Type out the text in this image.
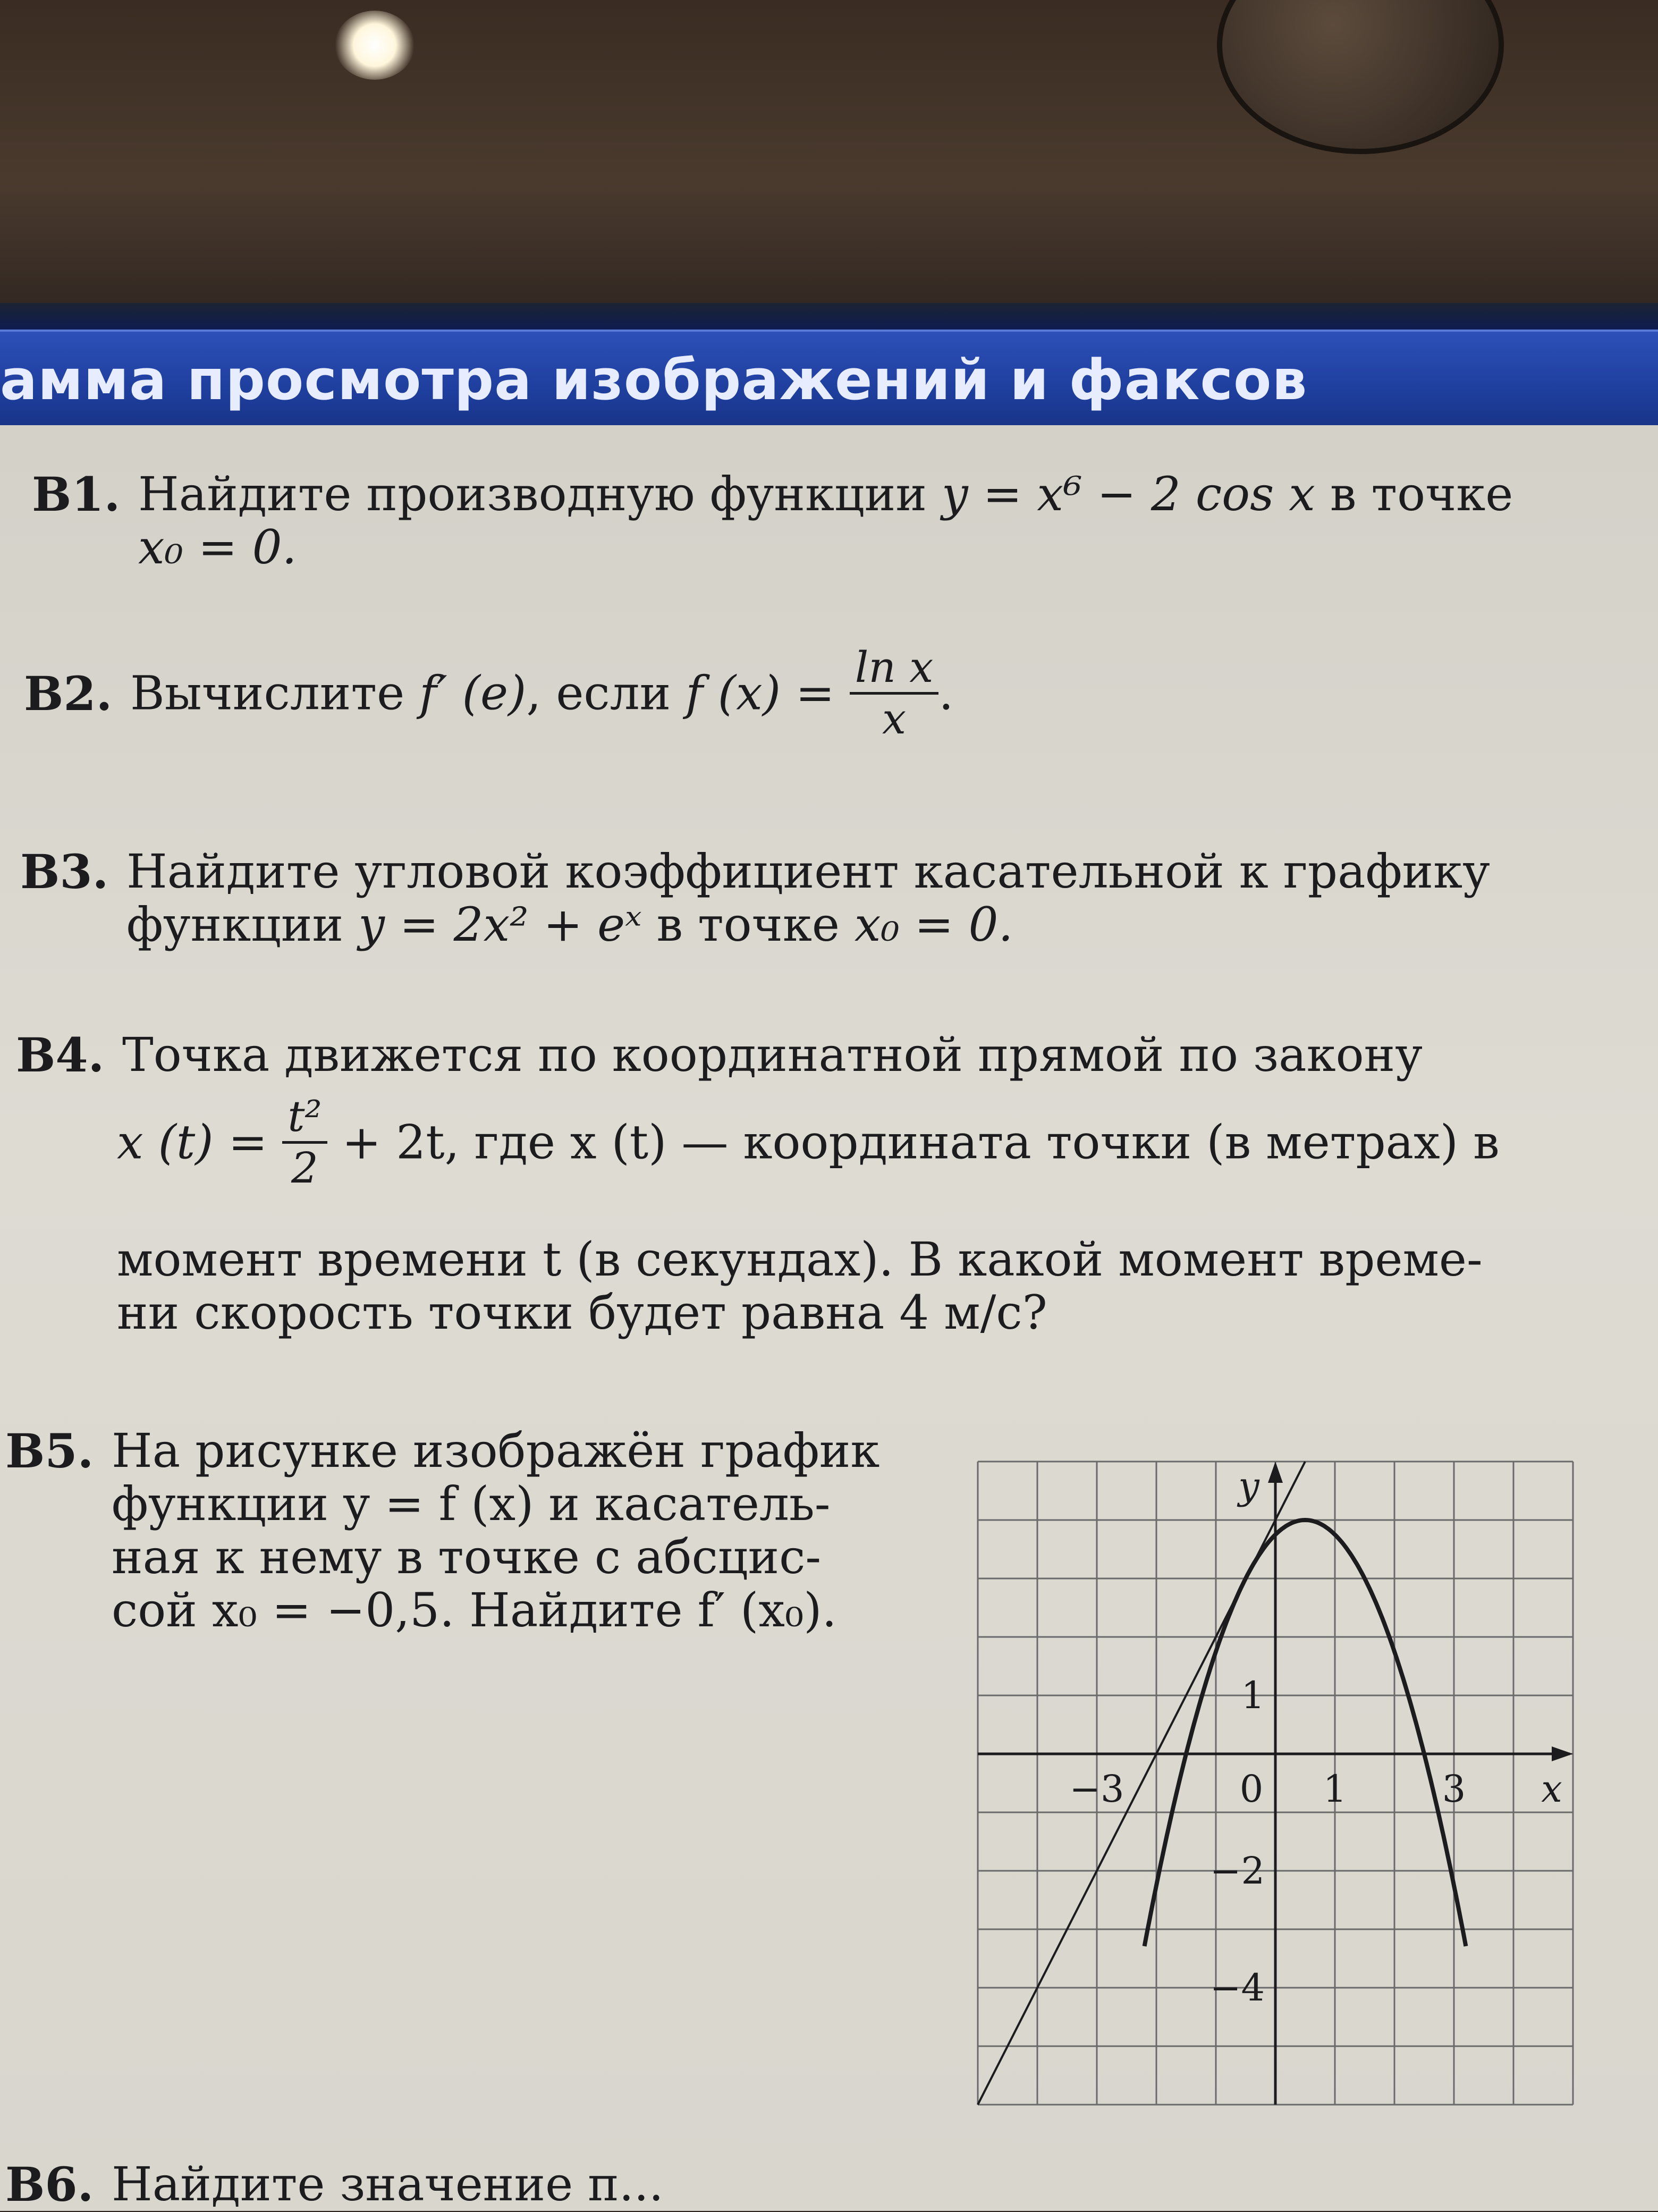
амма просмотра изображений и факсов
В1. Найдите производную функции y = x⁶ − 2 cos x в точке
x₀ = 0.
В2. Вычислите f′ (e), если f $(x) = \frac{\text{ln x}}{x}$ .
В3. Найдите угловой коэффициент касательной к графику
функции y = 2x² + eˣ в точке x₀ = 0.
В4. Точка движется по координатной прямой по закону
x $(t) = \frac{\text{t²}}{2} + 2t$, где x (t) — координата точки (в метрах) в
момент времени t (в секундах). В какой момент време-
ни скорость точки будет равна 4 м/с?
В5. На рисунке изображён график
функции y = f (x) и касатель-
ная к нему в точке с абсцис-
сой x₀ = −0,5. Найдите f′ (x₀).
−3	0 1	3
1
−2
−4
x
y
В6. Найдите значение п...
